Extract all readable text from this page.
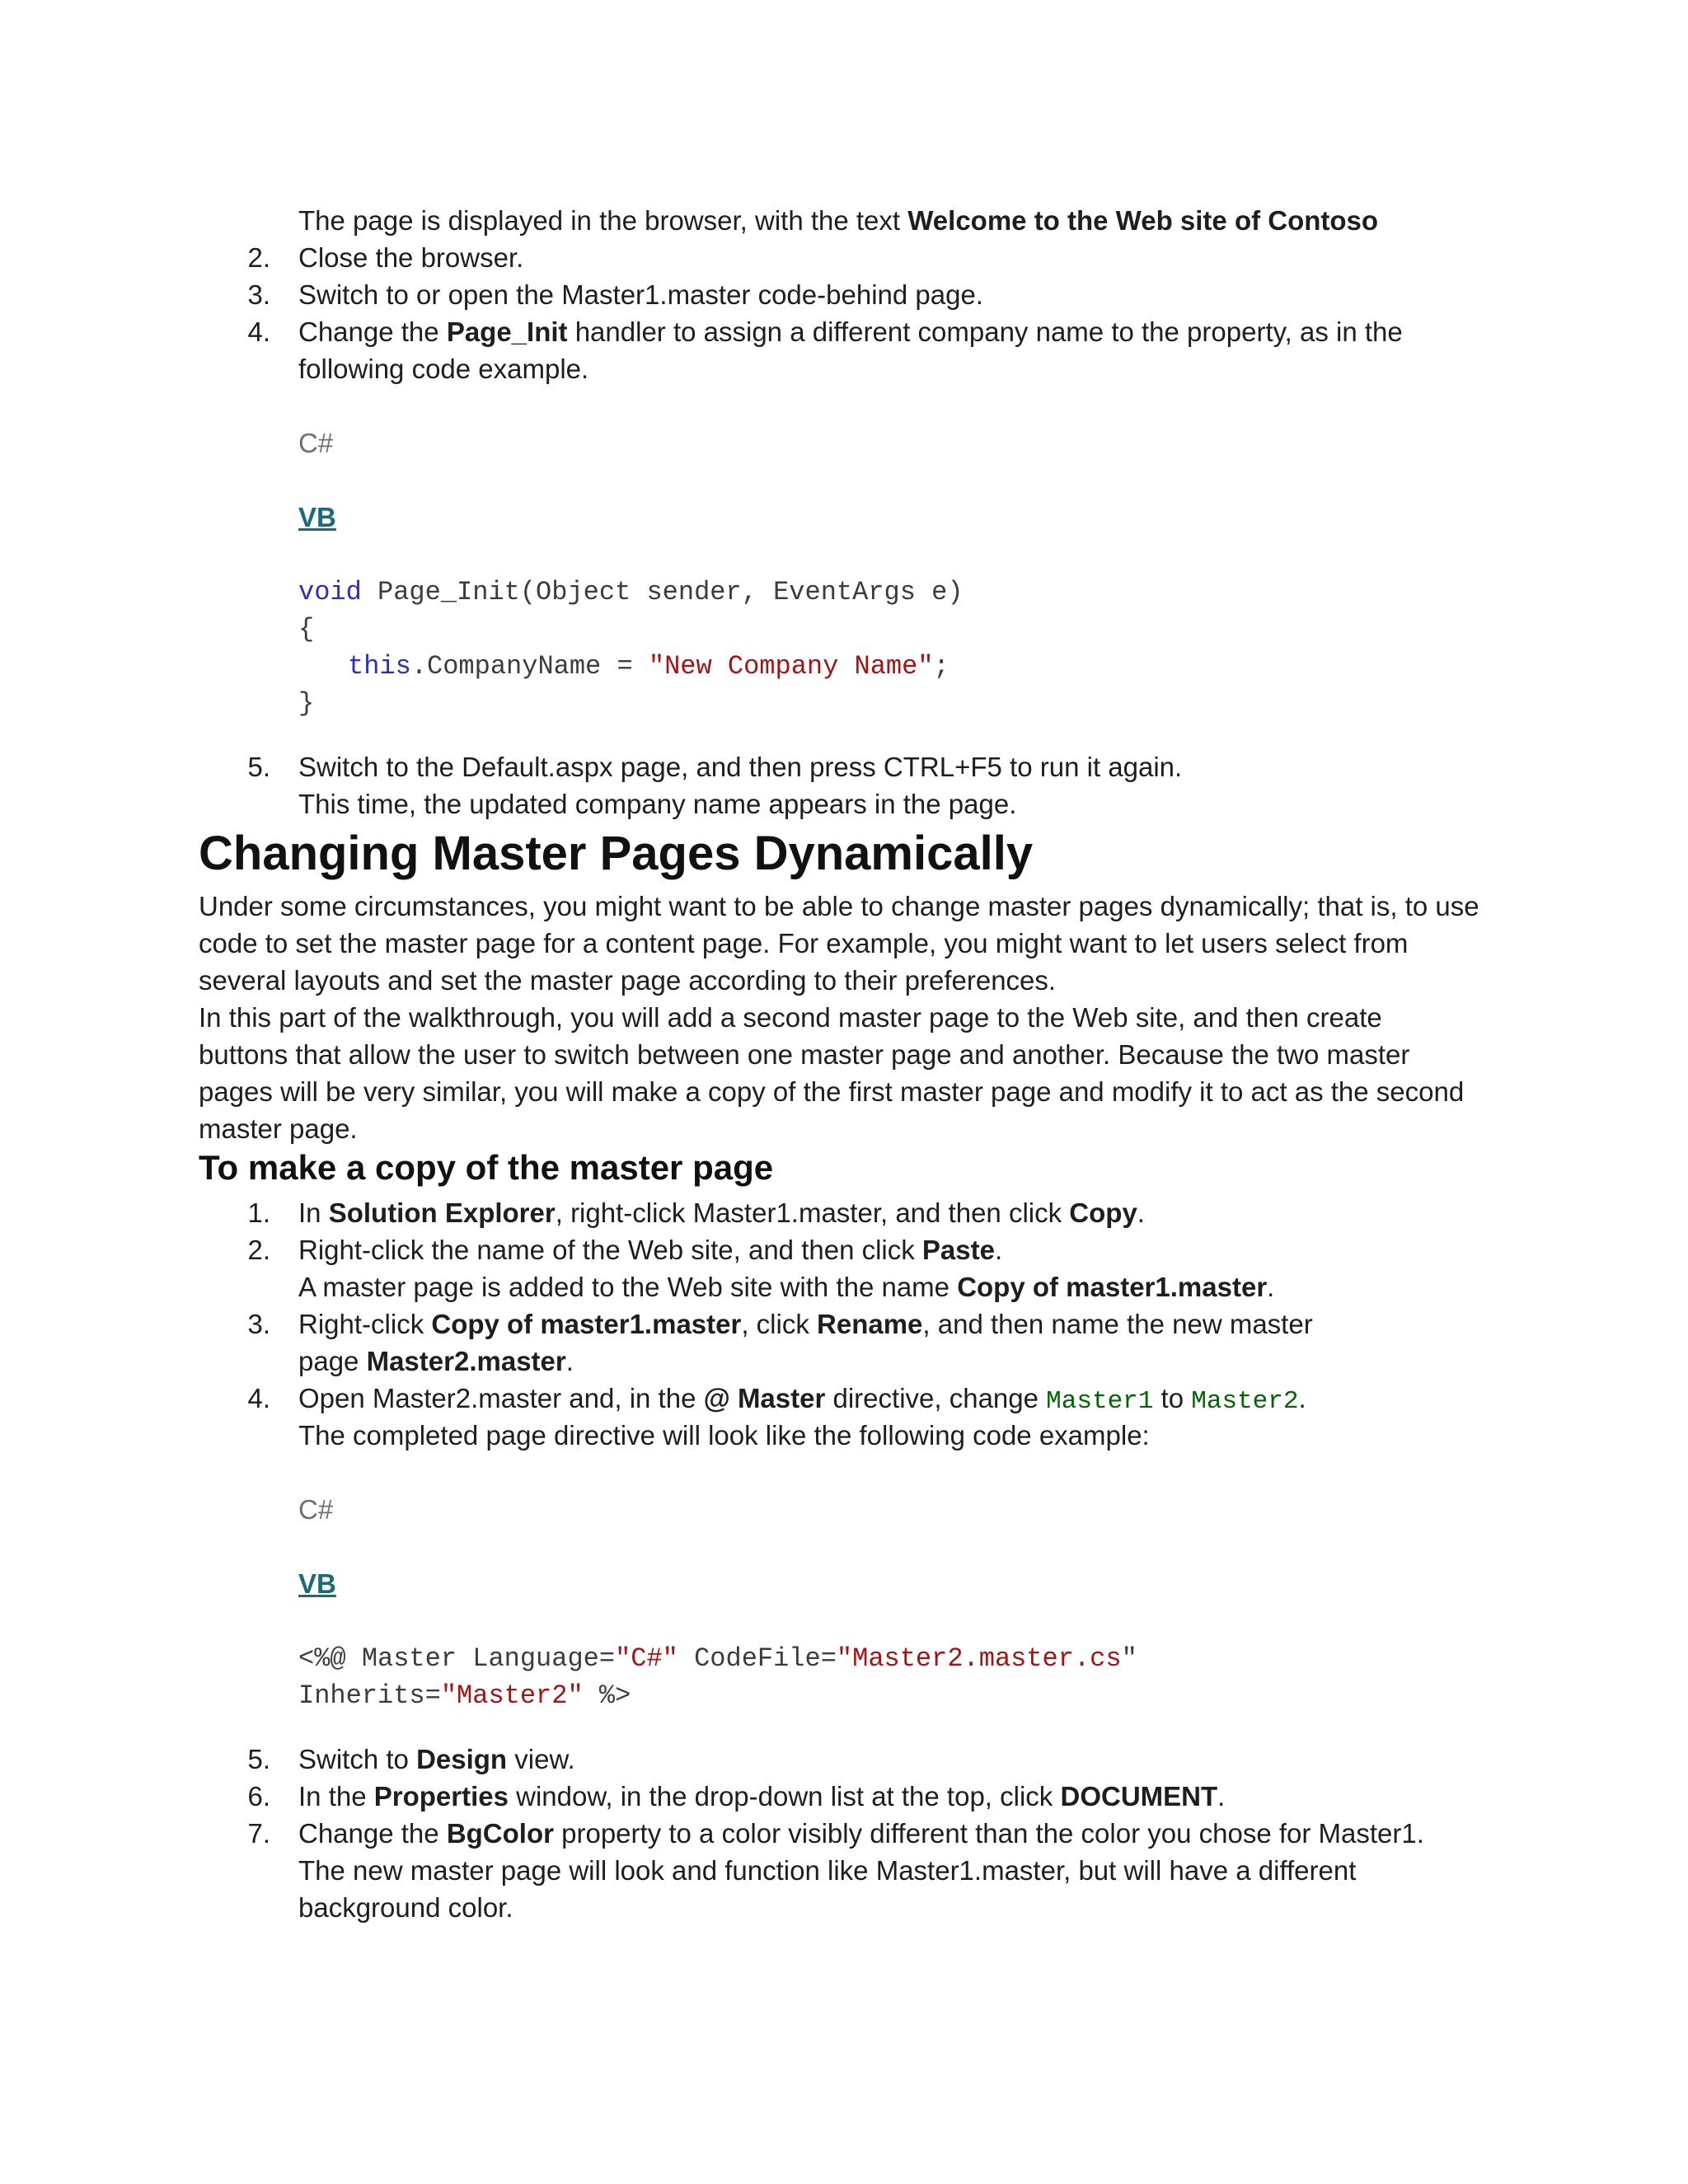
The page is displayed in the browser, with the text Welcome to the Web site of Contoso
2. Close the browser.
3. Switch to or open the Master1.master code-behind page.
4. Change the Page_Init handler to assign a different company name to the property, as in the
following code example.
C#
VB
void Page_Init(Object sender, EventArgs e)
{
this.CompanyName = "New Company Name";
}
5. Switch to the Default.aspx page, and then press CTRL+F5 to run it again.
This time, the updated company name appears in the page.
Changing Master Pages Dynamically
Under some circumstances, you might want to be able to change master pages dynamically; that is, to use
code to set the master page for a content page. For example, you might want to let users select from
several layouts and set the master page according to their preferences.
In this part of the walkthrough, you will add a second master page to the Web site, and then create
buttons that allow the user to switch between one master page and another. Because the two master
pages will be very similar, you will make a copy of the first master page and modify it to act as the second
master page.
To make a copy of the master page
1. In Solution Explorer, right-click Master1.master, and then click Copy.
2. Right-click the name of the Web site, and then click Paste.
A master page is added to the Web site with the name Copy of master1.master.
3. Right-click Copy of master1.master, click Rename, and then name the new master
page Master2.master.
4. Open Master2.master and, in the @ Master directive, change Master1 to Master2.
The completed page directive will look like the following code example:
C#
VB
<%@ Master Language="C#" CodeFile="Master2.master.cs"
Inherits="Master2" %>
5. Switch to Design view.
6. In the Properties window, in the drop-down list at the top, click DOCUMENT.
7. Change the BgColor property to a color visibly different than the color you chose for Master1.
The new master page will look and function like Master1.master, but will have a different
background color.
